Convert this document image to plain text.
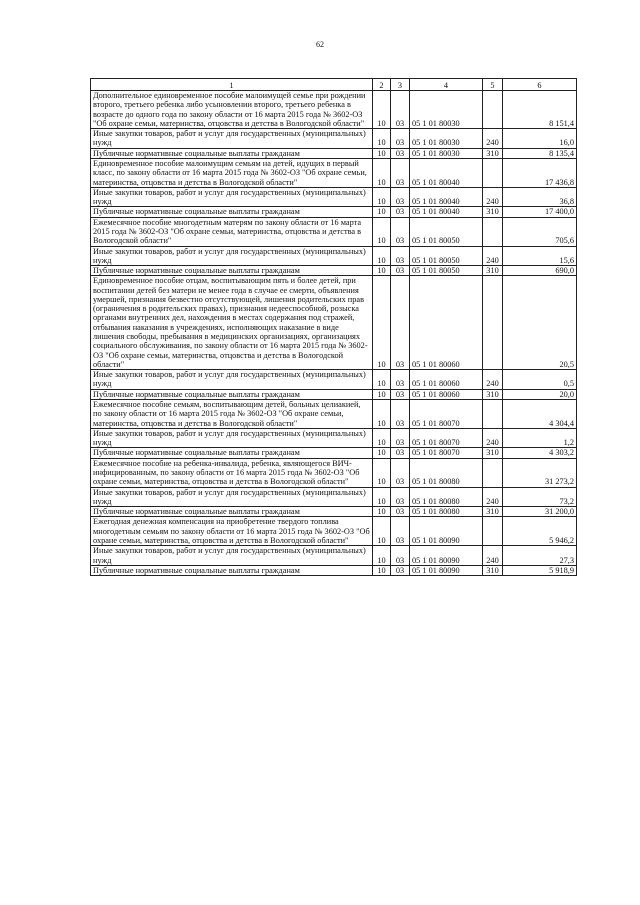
62
1	2	3	4	5	6
Дополнительное единовременное пособие малоимущей семье при рождении второго, третьего ребенка либо усыновлении второго, третьего ребенка в возрасте до одного года по закону области от 16 марта 2015 года № 3602-ОЗ "Об охране семьи, материнства, отцовства и детства в Вологодской области"	10	03	05 1 01 80030		8 151,4
Иные закупки товаров, работ и услуг для государственных (муниципальных) нужд	10	03	05 1 01 80030	240	16,0
Публичные нормативные социальные выплаты гражданам	10	03	05 1 01 80030	310	8 135,4
Единовременное пособие малоимущим семьям на детей, идущих в первый класс, по закону области от 16 марта 2015 года № 3602-ОЗ "Об охране семьи, материнства, отцовства и детства в Вологодской области"	10	03	05 1 01 80040		17 436,8
Иные закупки товаров, работ и услуг для государственных (муниципальных) нужд	10	03	05 1 01 80040	240	36,8
Публичные нормативные социальные выплаты гражданам	10	03	05 1 01 80040	310	17 400,0
Ежемесячное пособие многодетным матерям по закону области от 16 марта 2015 года № 3602-ОЗ "Об охране семьи, материнства, отцовства и детства в Вологодской области"	10	03	05 1 01 80050		705,6
Иные закупки товаров, работ и услуг для государственных (муниципальных) нужд	10	03	05 1 01 80050	240	15,6
Публичные нормативные социальные выплаты гражданам	10	03	05 1 01 80050	310	690,0
Единовременное пособие отцам, воспитывающим пять и более детей, при воспитании детей без матери не менее года в случае ее смерти, объявления умершей, признания безвестно отсутствующей, лишения родительских прав (ограничения в родительских правах), признания недееспособной, розыска органами внутренних дел, нахождения в местах содержания под стражей, отбывания наказания в учреждениях, исполняющих наказание в виде лишения свободы, пребывания в медицинских организациях, организациях социального обслуживания, по закону области от 16 марта 2015 года № 3602-ОЗ "Об охране семьи, материнства, отцовства и детства в Вологодской области"	10	03	05 1 01 80060		20,5
Иные закупки товаров, работ и услуг для государственных (муниципальных) нужд	10	03	05 1 01 80060	240	0,5
Публичные нормативные социальные выплаты гражданам	10	03	05 1 01 80060	310	20,0
Ежемесячное пособие семьям, воспитывающим детей, больных целиакией, по закону области от 16 марта 2015 года № 3602-ОЗ "Об охране семьи, материнства, отцовства и детства в Вологодской области"	10	03	05 1 01 80070		4 304,4
Иные закупки товаров, работ и услуг для государственных (муниципальных) нужд	10	03	05 1 01 80070	240	1,2
Публичные нормативные социальные выплаты гражданам	10	03	05 1 01 80070	310	4 303,2
Ежемесячное пособие на ребенка-инвалида, ребенка, являющегося ВИЧ-инфицированным, по закону области от 16 марта 2015 года № 3602-ОЗ "Об охране семьи, материнства, отцовства и детства в Вологодской области"	10	03	05 1 01 80080		31 273,2
Иные закупки товаров, работ и услуг для государственных (муниципальных) нужд	10	03	05 1 01 80080	240	73,2
Публичные нормативные социальные выплаты гражданам	10	03	05 1 01 80080	310	31 200,0
Ежегодная денежная компенсация на приобретение твердого топлива многодетным семьям по закону области от 16 марта 2015 года № 3602-ОЗ "Об охране семьи, материнства, отцовства и детства в Вологодской области"	10	03	05 1 01 80090		5 946,2
Иные закупки товаров, работ и услуг для государственных (муниципальных) нужд	10	03	05 1 01 80090	240	27,3
Публичные нормативные социальные выплаты гражданам	10	03	05 1 01 80090	310	5 918,9
